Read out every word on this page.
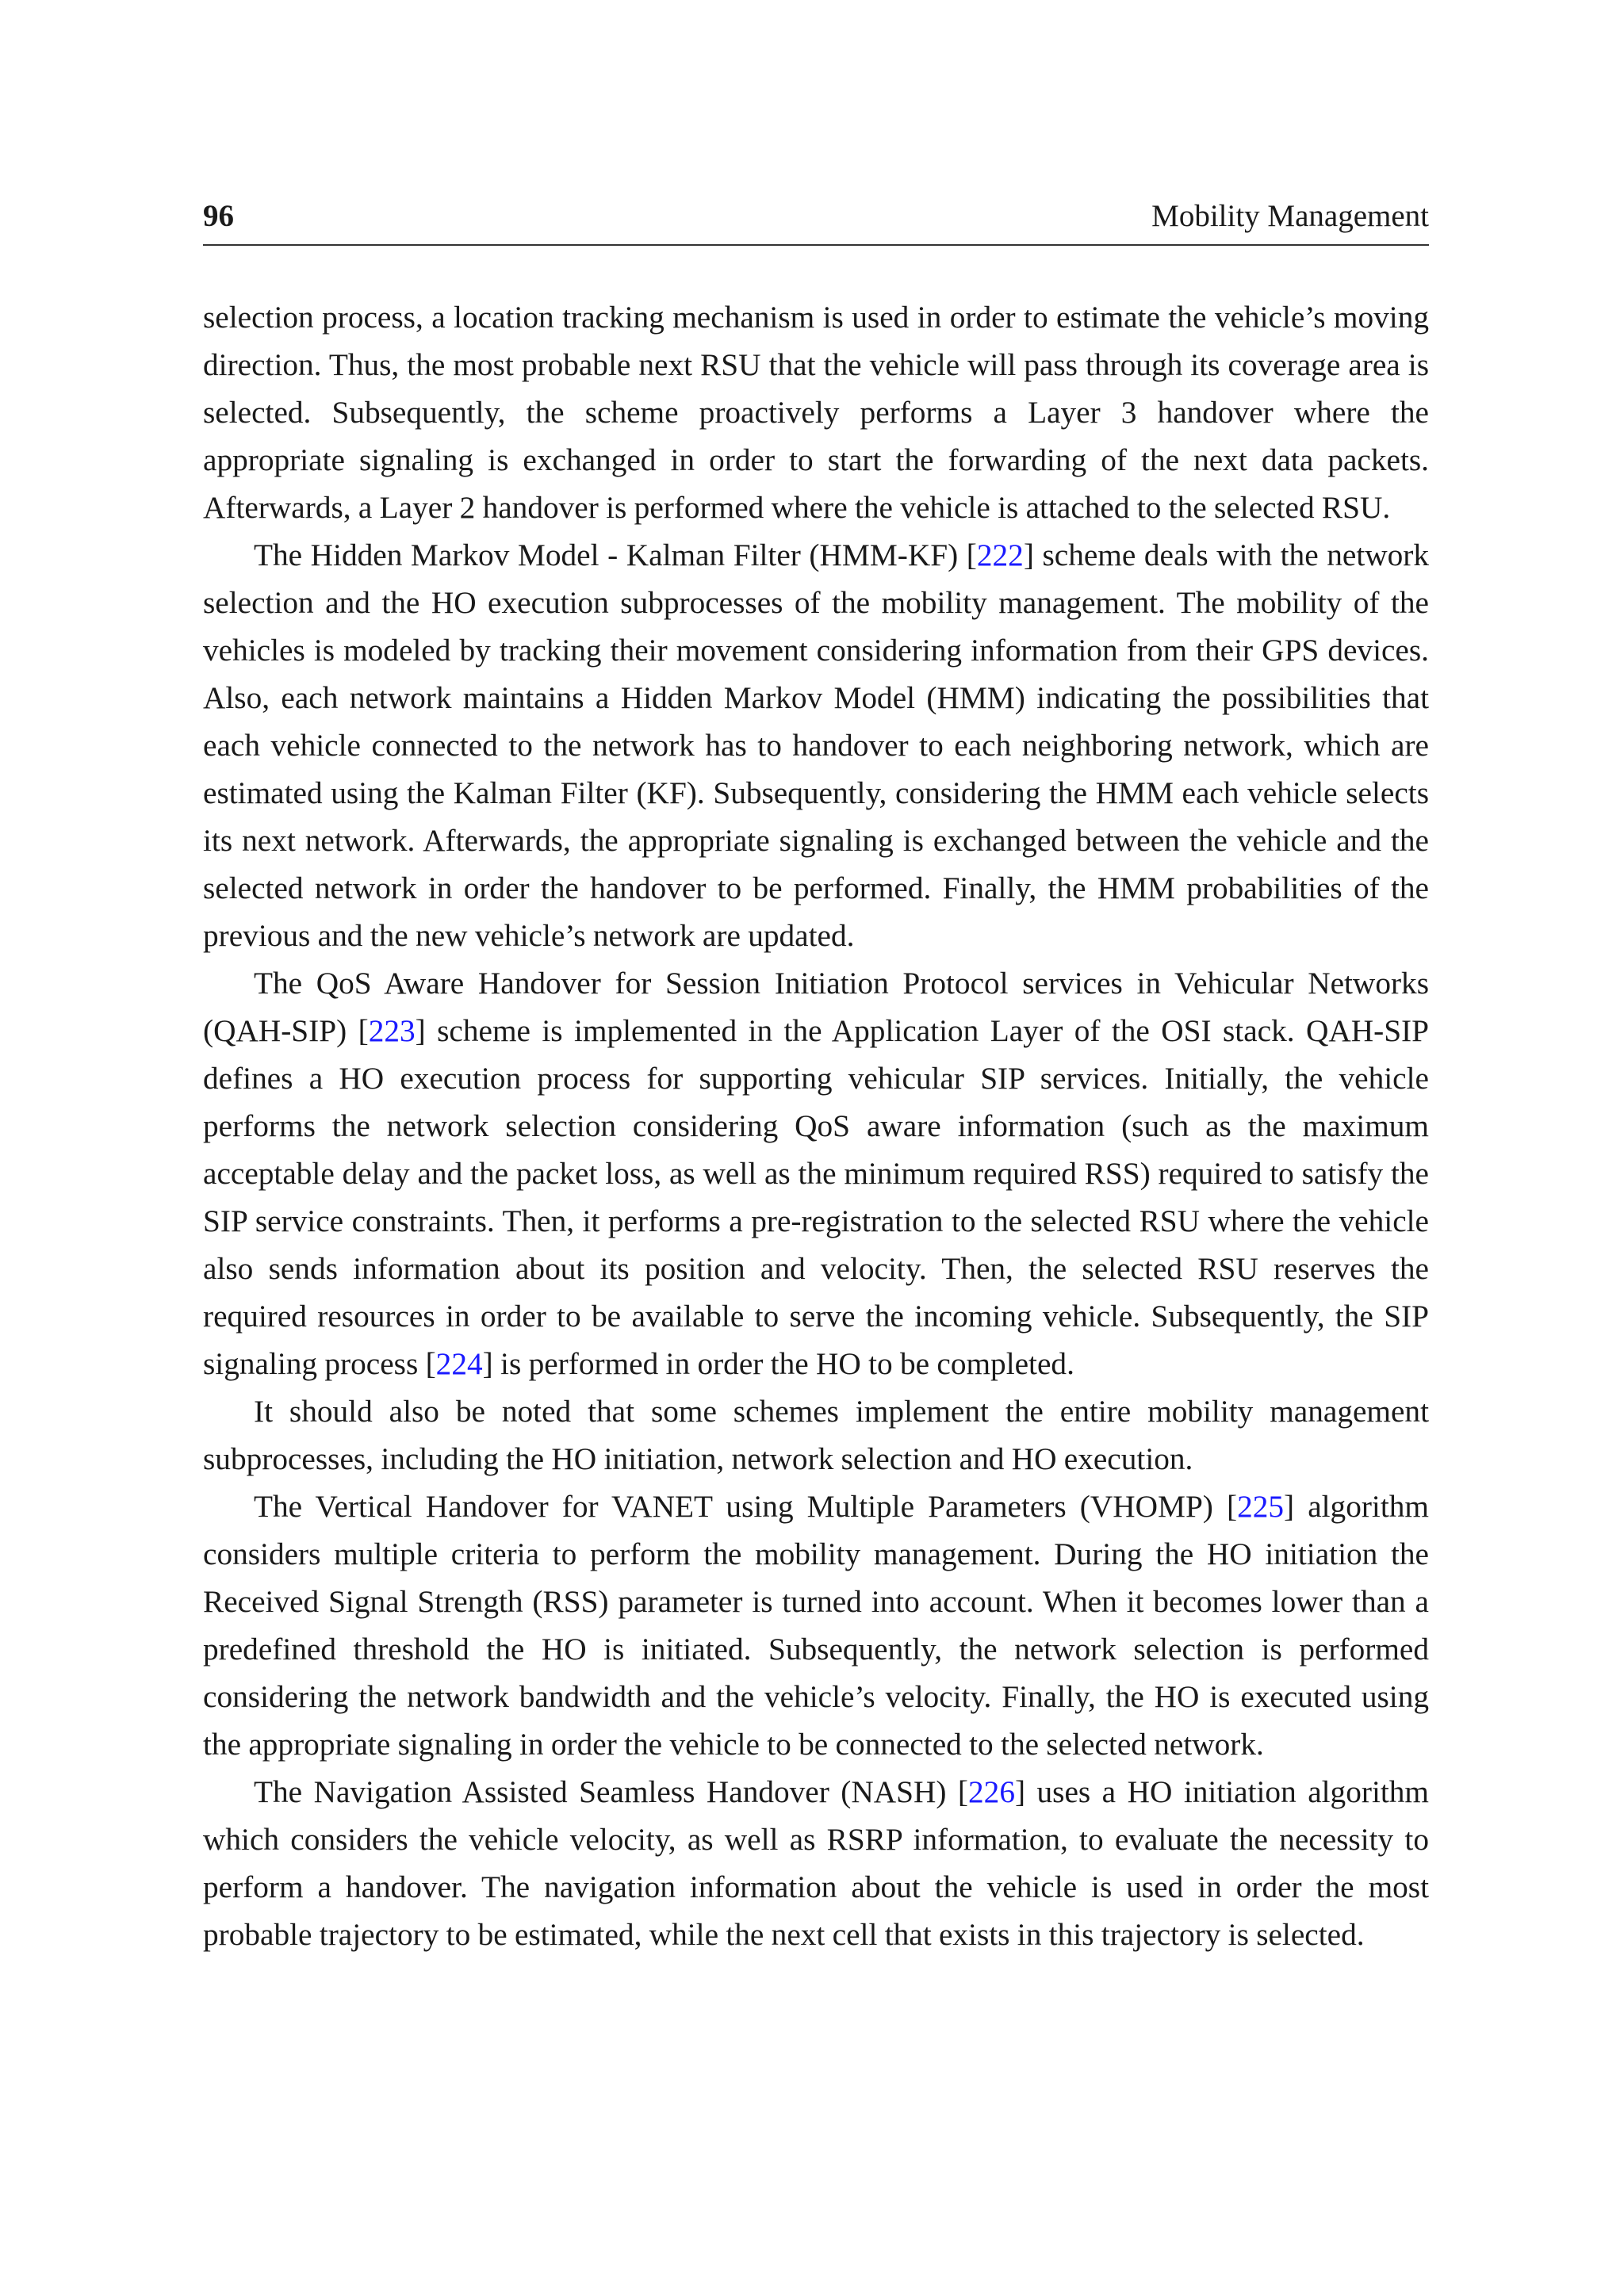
96	Mobility Management

selection process, a location tracking mechanism is used in order to estimate the vehicle’s moving direction. Thus, the most probable next RSU that the vehicle will pass through its coverage area is selected. Subsequently, the scheme proactively performs a Layer 3 handover where the appropriate signaling is exchanged in order to start the forwarding of the next data packets. Afterwards, a Layer 2 handover is performed where the vehicle is attached to the selected RSU.

The Hidden Markov Model - Kalman Filter (HMM-KF) [222] scheme deals with the network selection and the HO execution subprocesses of the mobility management. The mobility of the vehicles is modeled by tracking their movement considering information from their GPS devices. Also, each network maintains a Hidden Markov Model (HMM) indicating the possibilities that each vehicle connected to the network has to handover to each neighboring network, which are estimated using the Kalman Filter (KF). Subsequently, considering the HMM each vehicle selects its next network. Afterwards, the appropriate signaling is exchanged between the vehicle and the selected network in order the handover to be performed. Finally, the HMM probabilities of the previous and the new vehicle’s network are updated.

The QoS Aware Handover for Session Initiation Protocol services in Vehicular Networks (QAH-SIP) [223] scheme is implemented in the Application Layer of the OSI stack. QAH-SIP defines a HO execution process for supporting vehicular SIP services. Initially, the vehicle performs the network selection considering QoS aware information (such as the maximum acceptable delay and the packet loss, as well as the minimum required RSS) required to satisfy the SIP service constraints. Then, it performs a pre-registration to the selected RSU where the vehicle also sends information about its position and velocity. Then, the selected RSU reserves the required resources in order to be available to serve the incoming vehicle. Subsequently, the SIP signaling process [224] is performed in order the HO to be completed.

It should also be noted that some schemes implement the entire mobility management subprocesses, including the HO initiation, network selection and HO execution.

The Vertical Handover for VANET using Multiple Parameters (VHOMP) [225] algorithm considers multiple criteria to perform the mobility management. During the HO initiation the Received Signal Strength (RSS) parameter is turned into account. When it becomes lower than a predefined threshold the HO is initiated. Subsequently, the network selection is performed considering the network bandwidth and the vehicle’s velocity. Finally, the HO is executed using the appropriate signaling in order the vehicle to be connected to the selected network.

The Navigation Assisted Seamless Handover (NASH) [226] uses a HO initiation algorithm which considers the vehicle velocity, as well as RSRP information, to evaluate the necessity to perform a handover. The navigation information about the vehicle is used in order the most probable trajectory to be estimated, while the next cell that exists in this trajectory is selected.
